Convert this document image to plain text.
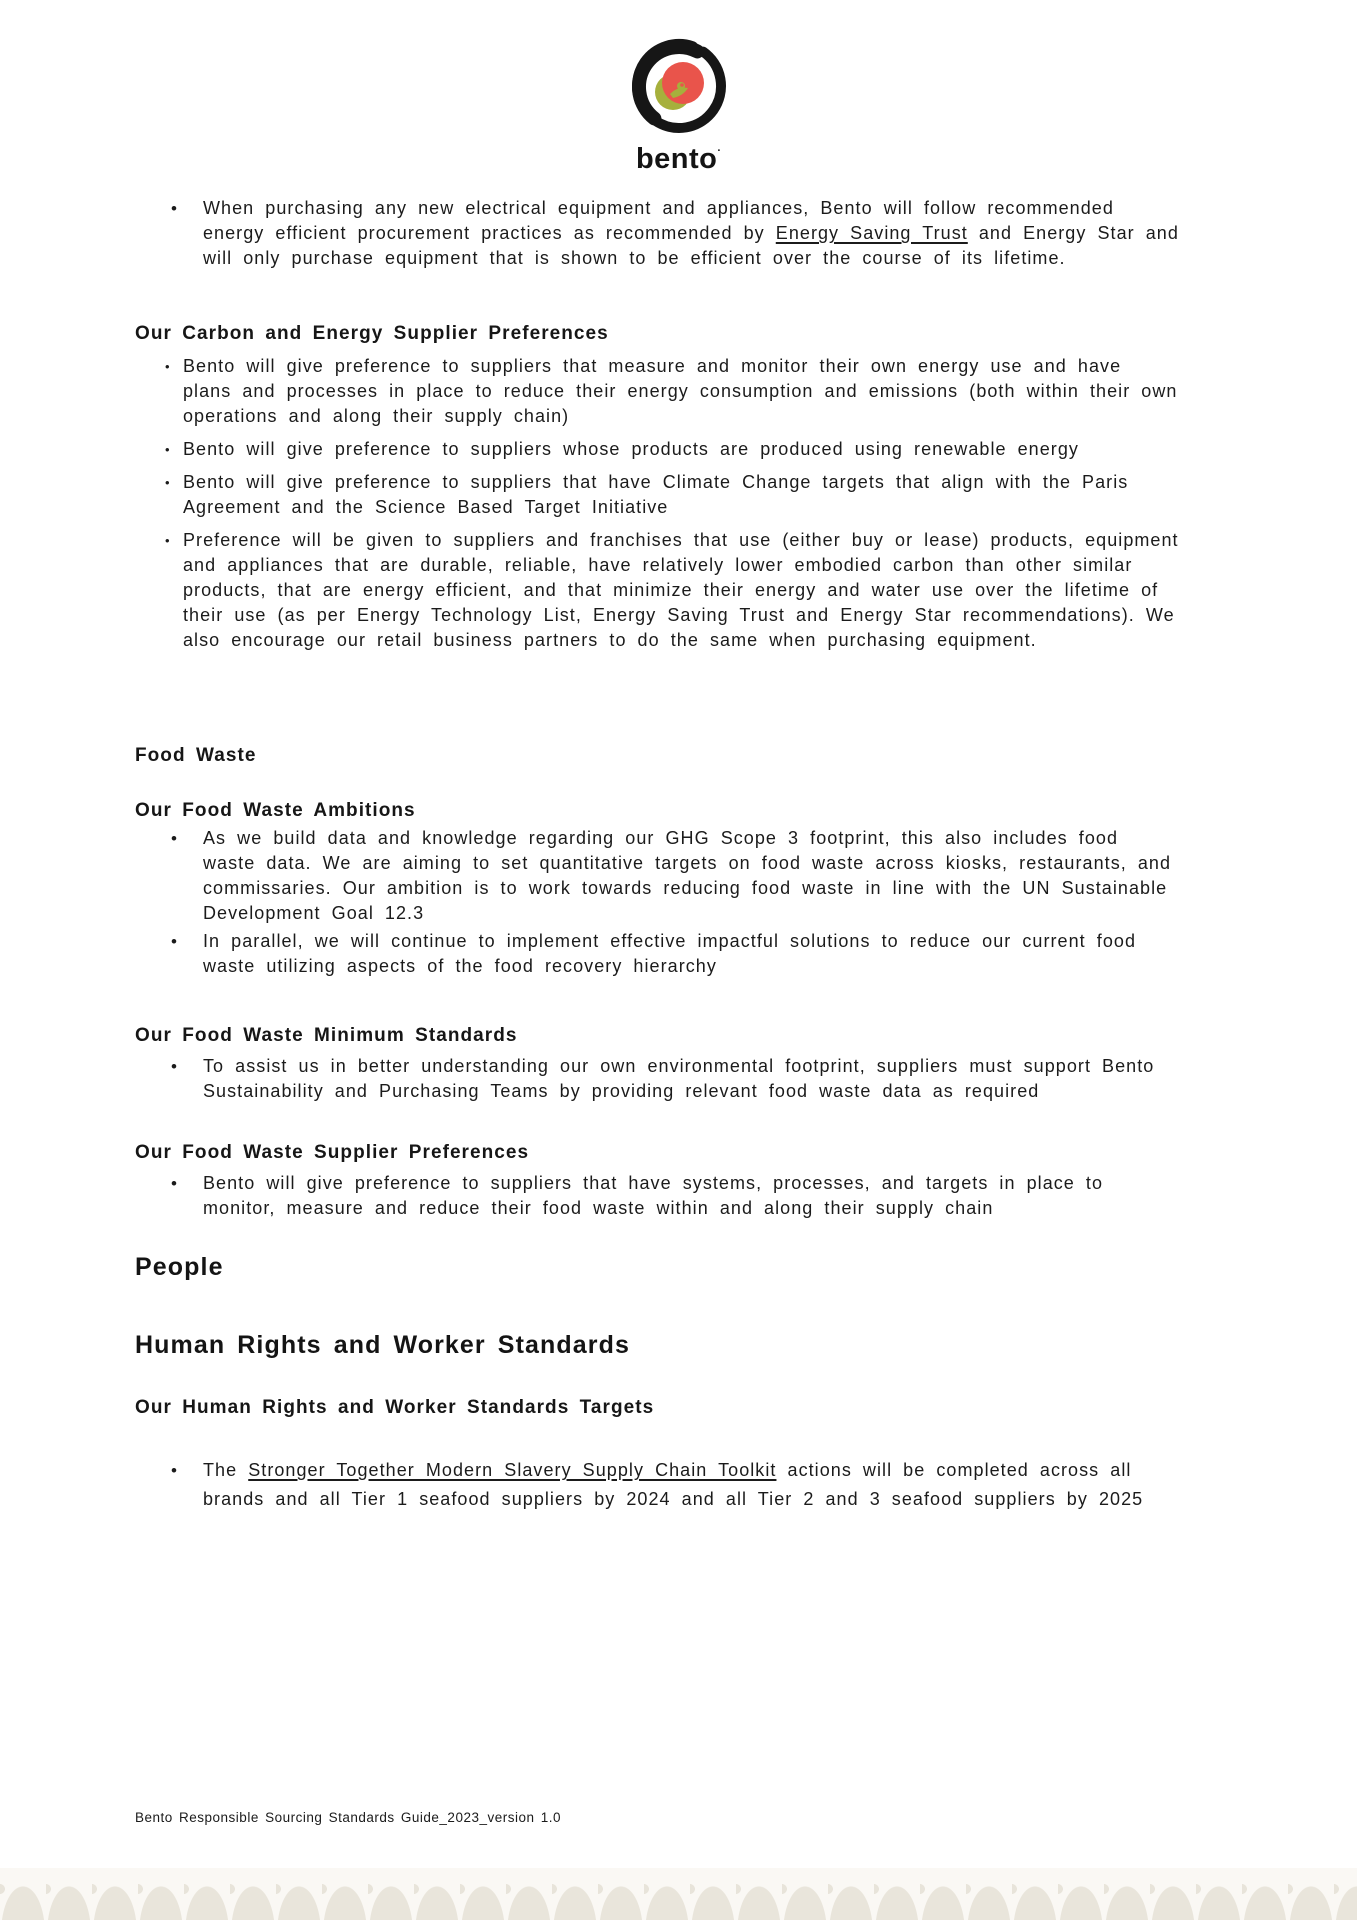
bento·
•	When purchasing any new electrical equipment and appliances, Bento will follow recommended energy efficient procurement practices as recommended by Energy Saving Trust and Energy Star and will only purchase equipment that is shown to be efficient over the course of its lifetime.
Our Carbon and Energy Supplier Preferences
• Bento will give preference to suppliers that measure and monitor their own energy use and have plans and processes in place to reduce their energy consumption and emissions (both within their own operations and along their supply chain)
• Bento will give preference to suppliers whose products are produced using renewable energy
• Bento will give preference to suppliers that have Climate Change targets that align with the Paris Agreement and the Science Based Target Initiative
• Preference will be given to suppliers and franchises that use (either buy or lease) products, equipment and appliances that are durable, reliable, have relatively lower embodied carbon than other similar products, that are energy efficient, and that minimize their energy and water use over the lifetime of their use (as per Energy Technology List, Energy Saving Trust and Energy Star recommendations). We also encourage our retail business partners to do the same when purchasing equipment.
Food Waste
Our Food Waste Ambitions
•	As we build data and knowledge regarding our GHG Scope 3 footprint, this also includes food waste data. We are aiming to set quantitative targets on food waste across kiosks, restaurants, and commissaries. Our ambition is to work towards reducing food waste in line with the UN Sustainable Development Goal 12.3
•	In parallel, we will continue to implement effective impactful solutions to reduce our current food waste utilizing aspects of the food recovery hierarchy
Our Food Waste Minimum Standards
•	To assist us in better understanding our own environmental footprint, suppliers must support Bento Sustainability and Purchasing Teams by providing relevant food waste data as required
Our Food Waste Supplier Preferences
•	Bento will give preference to suppliers that have systems, processes, and targets in place to monitor, measure and reduce their food waste within and along their supply chain
People
Human Rights and Worker Standards
Our Human Rights and Worker Standards Targets
•	The Stronger Together Modern Slavery Supply Chain Toolkit actions will be completed across all brands and all Tier 1 seafood suppliers by 2024 and all Tier 2 and 3 seafood suppliers by 2025
Bento Responsible Sourcing Standards Guide_2023_version 1.0
